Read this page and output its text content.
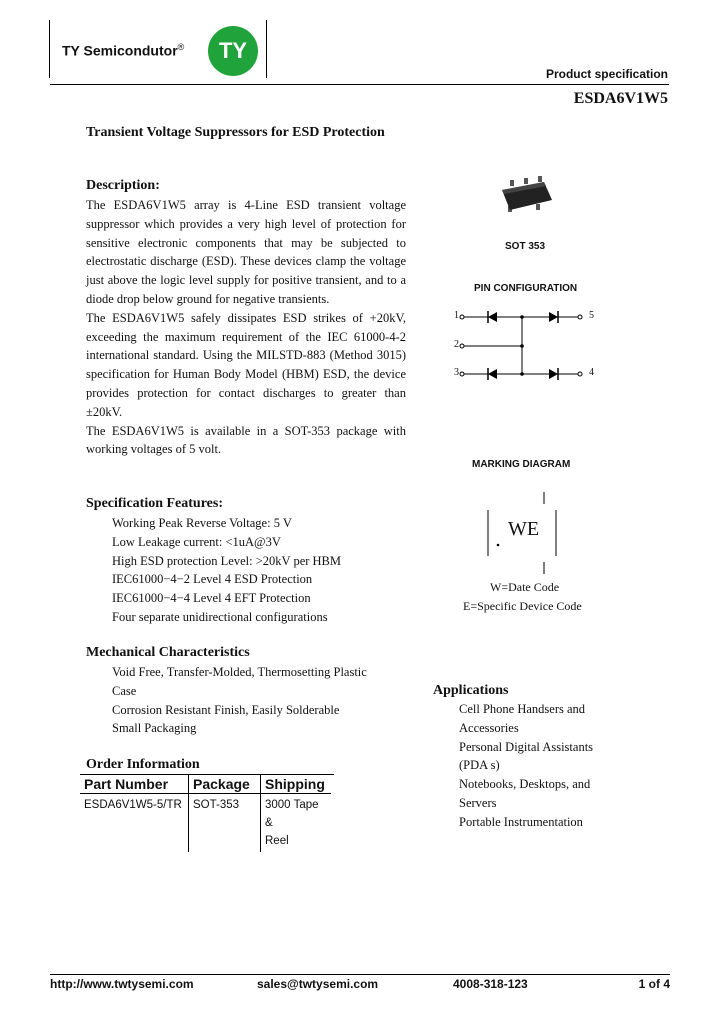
TY Semicondutor® TY
Product specification
ESDA6V1W5
Transient Voltage Suppressors for ESD Protection
Description:
The ESDA6V1W5 array is 4-Line ESD transient voltage suppressor which provides a very high level of protection for sensitive electronic components that may be subjected to electrostatic discharge (ESD). These devices clamp the voltage just above the logic level supply for positive transient, and to a diode drop below ground for negative transients.
The ESDA6V1W5 safely dissipates ESD strikes of +20kV, exceeding the maximum requirement of the IEC 61000-4-2 international standard. Using the MILSTD-883 (Method 3015) specification for Human Body Model (HBM) ESD, the device provides protection for contact discharges to greater than ±20kV.
The ESDA6V1W5 is available in a SOT-353 package with working voltages of 5 volt.
SOT 353
PIN CONFIGURATION
1
2
3
5
4
MARKING DIAGRAM
WE
W=Date Code
E=Specific Device Code
Specification Features:
Working Peak Reverse Voltage: 5 V
Low Leakage current: <1uA@3V
High ESD protection Level: >20kV per HBM
IEC61000−4−2 Level 4 ESD Protection
IEC61000−4−4 Level 4 EFT Protection
Four separate unidirectional configurations
Mechanical Characteristics
Void Free, Transfer-Molded, Thermosetting Plastic
Case
Corrosion Resistant Finish, Easily Solderable
Small Packaging
Order Information
Part Number	Package	Shipping
ESDA6V1W5-5/TR	SOT-353	3000 Tape &
Reel
Applications
Cell Phone Handsers and
Accessories
Personal Digital Assistants
(PDA s)
Notebooks, Desktops, and
Servers
Portable Instrumentation
http://www.twtysemi.com	sales@twtysemi.com	4008-318-123	1 of 4
